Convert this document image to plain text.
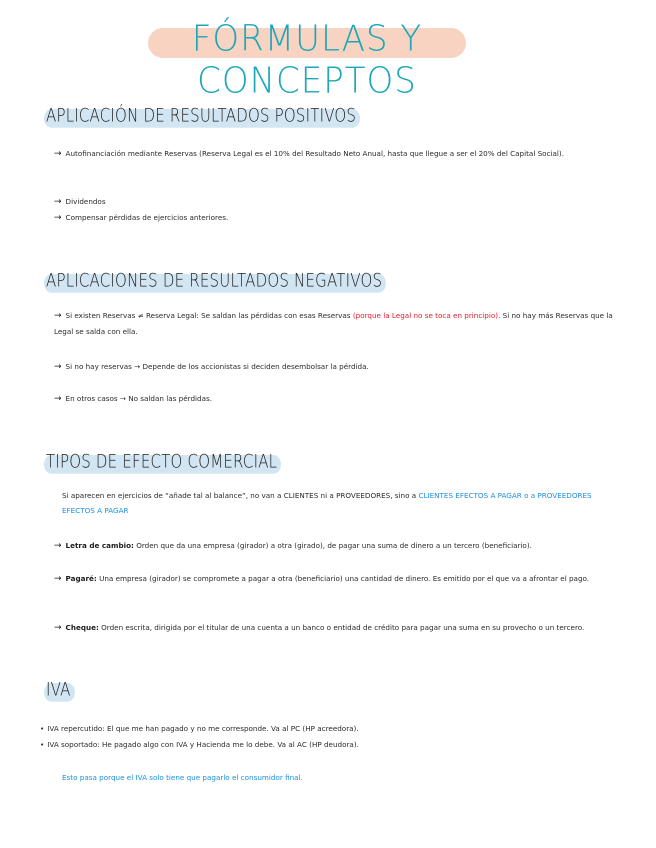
FÓRMULAS Y CONCEPTOS
APLICACIÓN DE RESULTADOS POSITIVOS
→ Autofinanciación mediante Reservas (Reserva Legal es el 10% del Resultado Neto Anual, hasta que llegue a ser el 20% del Capital Social).
→ Dividendos
→ Compensar pérdidas de ejercicios anteriores.
APLICACIONES DE RESULTADOS NEGATIVOS
→ Si existen Reservas ≠ Reserva Legal: Se saldan las pérdidas con esas Reservas (porque la Legal no se toca en principio). Si no hay más Reservas que la Legal se salda con ella.
→ Si no hay reservas → Depende de los accionistas si deciden desembolsar la pérdida.
→ En otros casos → No saldan las pérdidas.
TIPOS DE EFECTO COMERCIAL
Si aparecen en ejercicios de “añade tal al balance”, no van a CLIENTES ni a PROVEEDORES, sino a CLIENTES EFECTOS A PAGAR o a PROVEEDORES EFECTOS A PAGAR
→ Letra de cambio: Orden que da una empresa (girador) a otra (girado), de pagar una suma de dinero a un tercero (beneficiario).
→ Pagaré: Una empresa (girador) se compromete a pagar a otra (beneficiario) una cantidad de dinero. Es emitido por el que va a afrontar el pago.
→ Cheque: Orden escrita, dirigida por el titular de una cuenta a un banco o entidad de crédito para pagar una suma en su provecho o un tercero.
IVA
• IVA repercutido: El que me han pagado y no me corresponde. Va al PC (HP acreedora).
• IVA soportado: He pagado algo con IVA y Hacienda me lo debe. Va al AC (HP deudora).
Esto pasa porque el IVA solo tiene que pagarlo el consumidor final.
